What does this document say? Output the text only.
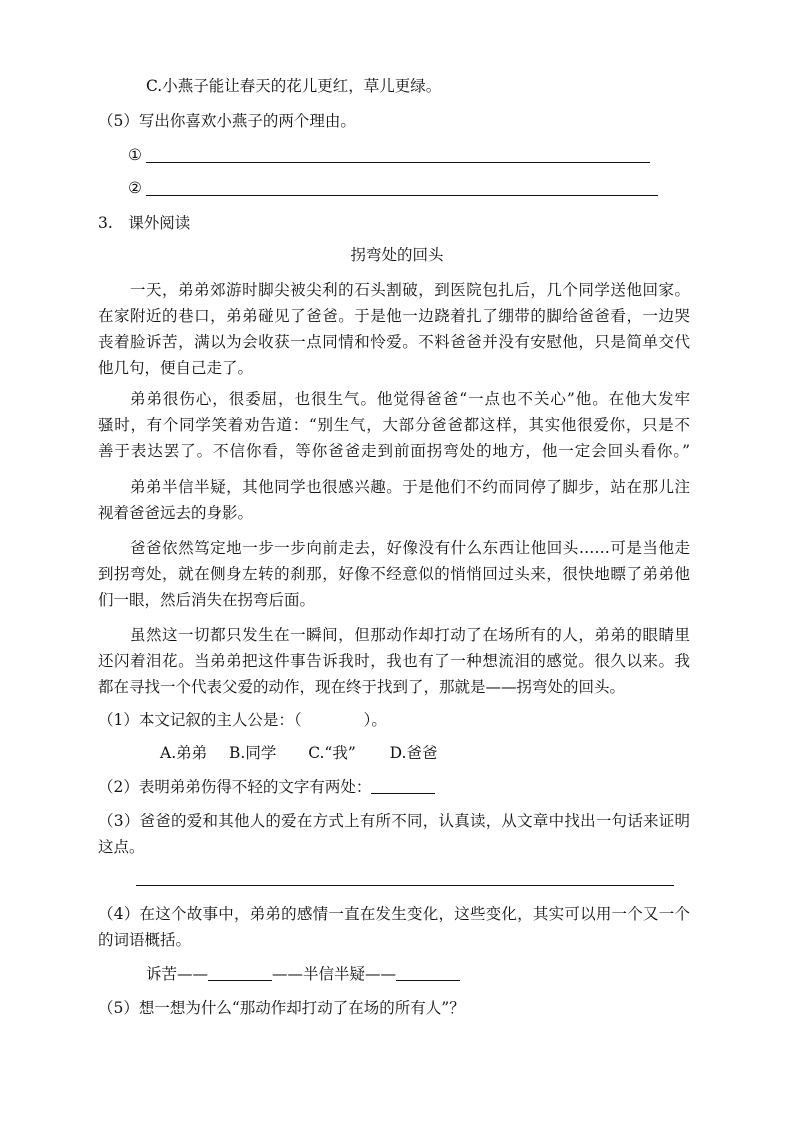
C.小燕子能让春天的花儿更红，草儿更绿。
（5）写出你喜欢小燕子的两个理由。
①
②
3.　课外阅读
拐弯处的回头
一天，弟弟郊游时脚尖被尖利的石头割破，到医院包扎后，几个同学送他回家。
在家附近的巷口，弟弟碰见了爸爸。于是他一边跷着扎了绷带的脚给爸爸看，一边哭
丧着脸诉苦，满以为会收获一点同情和怜爱。不料爸爸并没有安慰他，只是简单交代
他几句，便自己走了。
弟弟很伤心，很委屈，也很生气。他觉得爸爸“一点也不关心”他。在他大发牢
骚时，有个同学笑着劝告道：“别生气，大部分爸爸都这样，其实他很爱你，只是不
善于表达罢了。不信你看，等你爸爸走到前面拐弯处的地方，他一定会回头看你。”
弟弟半信半疑，其他同学也很感兴趣。于是他们不约而同停了脚步，站在那儿注
视着爸爸远去的身影。
爸爸依然笃定地一步一步向前走去，好像没有什么东西让他回头……可是当他走
到拐弯处，就在侧身左转的刹那，好像不经意似的悄悄回过头来，很快地瞟了弟弟他
们一眼，然后消失在拐弯后面。
虽然这一切都只发生在一瞬间，但那动作却打动了在场所有的人，弟弟的眼睛里
还闪着泪花。当弟弟把这件事告诉我时，我也有了一种想流泪的感觉。很久以来。我
都在寻找一个代表父爱的动作，现在终于找到了，那就是——拐弯处的回头。
（1）本文记叙的主人公是：（　　　　）。
A.弟弟 B.同学 C.“我” D.爸爸
（2）表明弟弟伤得不轻的文字有两处：
（3）爸爸的爱和其他人的爱在方式上有所不同，认真读，从文章中找出一句话来证明
这点。
（4）在这个故事中，弟弟的感情一直在发生变化，这些变化，其实可以用一个又一个
的词语概括。
诉苦——	——半信半疑——
（5）想一想为什么“那动作却打动了在场的所有人”？
